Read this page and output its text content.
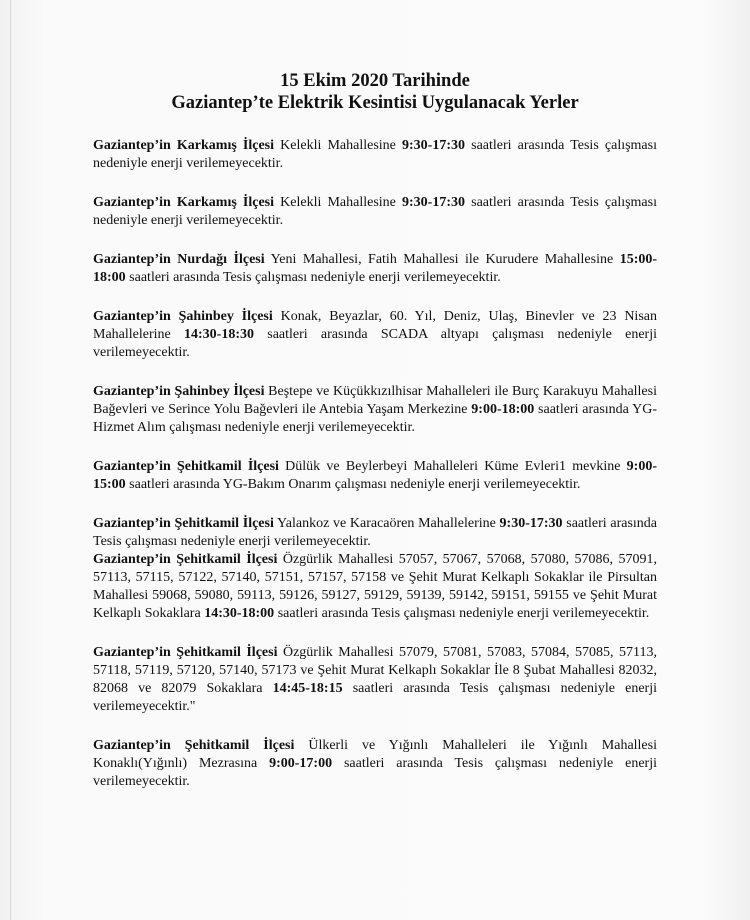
15 Ekim 2020 Tarihinde
Gaziantep’te Elektrik Kesintisi Uygulanacak Yerler

Gaziantep’in Karkamış İlçesi Kelekli Mahallesine 9:30-17:30 saatleri arasında Tesis çalışması nedeniyle enerji verilemeyecektir.

Gaziantep’in Karkamış İlçesi Kelekli Mahallesine 9:30-17:30 saatleri arasında Tesis çalışması nedeniyle enerji verilemeyecektir.

Gaziantep’in Nurdağı İlçesi Yeni Mahallesi, Fatih Mahallesi ile Kurudere Mahallesine 15:00-18:00 saatleri arasında Tesis çalışması nedeniyle enerji verilemeyecektir.

Gaziantep’in Şahinbey İlçesi Konak, Beyazlar, 60. Yıl, Deniz, Ulaş, Binevler ve 23 Nisan Mahallelerine 14:30-18:30 saatleri arasında SCADA altyapı çalışması nedeniyle enerji verilemeyecektir.

Gaziantep’in Şahinbey İlçesi Beştepe ve Küçükkızılhisar Mahalleleri ile Burç Karakuyu Mahallesi Bağevleri ve Serince Yolu Bağevleri ile Antebia Yaşam Merkezine 9:00-18:00 saatleri arasında YG-Hizmet Alım çalışması nedeniyle enerji verilemeyecektir.

Gaziantep’in Şehitkamil İlçesi Dülük ve Beylerbeyi Mahalleleri Küme Evleri1 mevkine 9:00-15:00 saatleri arasında YG-Bakım Onarım çalışması nedeniyle enerji verilemeyecektir.

Gaziantep’in Şehitkamil İlçesi Yalankoz ve Karacaören Mahallelerine 9:30-17:30 saatleri arasında Tesis çalışması nedeniyle enerji verilemeyecektir.

Gaziantep’in Şehitkamil İlçesi Özgürlik Mahallesi 57057, 57067, 57068, 57080, 57086, 57091, 57113, 57115, 57122, 57140, 57151, 57157, 57158 ve Şehit Murat Kelkaplı Sokaklar ile Pirsultan Mahallesi 59068, 59080, 59113, 59126, 59127, 59129, 59139, 59142, 59151, 59155 ve Şehit Murat Kelkaplı Sokaklara 14:30-18:00 saatleri arasında Tesis çalışması nedeniyle enerji verilemeyecektir.

Gaziantep’in Şehitkamil İlçesi Özgürlik Mahallesi 57079, 57081, 57083, 57084, 57085, 57113, 57118, 57119, 57120, 57140, 57173 ve Şehit Murat Kelkaplı Sokaklar İle 8 Şubat Mahallesi 82032, 82068 ve 82079 Sokaklara 14:45-18:15 saatleri arasında Tesis çalışması nedeniyle enerji verilemeyecektir."

Gaziantep’in Şehitkamil İlçesi Ülkerli ve Yığınlı Mahalleleri ile Yığınlı Mahallesi Konaklı(Yığınlı) Mezrasına 9:00-17:00 saatleri arasında Tesis çalışması nedeniyle enerji verilemeyecektir.
